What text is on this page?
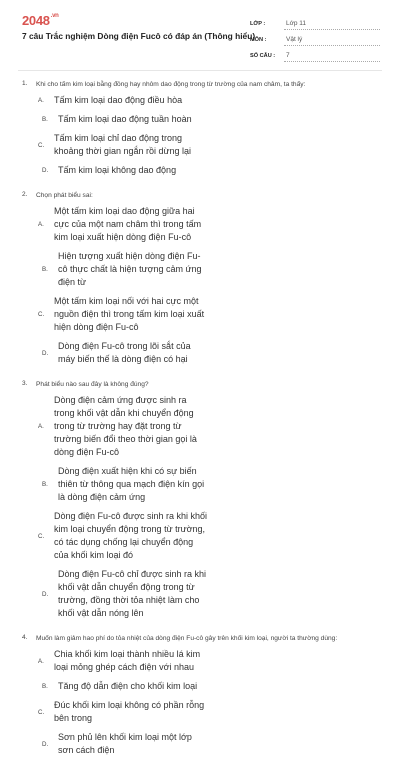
$2048^{.vn}$
7 câu Trắc nghiệm Dòng điện Fucô có đáp án (Thông hiểu)
LỚP :	Lớp 11
MÔN :	Vật lý
SỐ CÂU :	7
1. Khi cho tấm kim loại bằng đồng hay nhôm dao động trong từ trường của nam châm, ta thấy:
A.	Tấm kim loại dao động điều hòa
B.	Tấm kim loại dao động tuần hoàn
C.
Tấm kim loại chỉ dao động trong khoảng thời gian ngắn rồi dừng lại
D.	Tấm kim loại không dao động
2. Chọn phát biểu sai:
A.
Một tấm kim loại dao động giữa hai cực của một nam châm thì trong tấm kim loại xuất hiện dòng điện Fu-cô
B.
Hiện tượng xuất hiện dòng điện Fu-cô thực chất là hiện tượng cảm ứng điện từ
C.
Một tấm kim loại nối với hai cực một nguồn điện thì trong tấm kim loại xuất hiện dòng điện Fu-cô
D.
Dòng điện Fu-cô trong lõi sắt của máy biến thế là dòng điện có hại
3. Phát biểu nào sau đây là không đúng?
A.
Dòng điện cảm ứng được sinh ra trong khối vật dẫn khi chuyển động trong từ trường hay đặt trong từ trường biến đổi theo thời gian gọi là dòng điện Fu-cô
B.
Dòng điện xuất hiện khi có sự biến thiên từ thông qua mạch điện kín gọi là dòng điện cảm ứng
C.
Dòng điện Fu-cô được sinh ra khi khối kim loại chuyển động trong từ trường, có tác dụng chống lại chuyển động của khối kim loại đó
D.
Dòng điện Fu-cô chỉ được sinh ra khi khối vật dẫn chuyển động trong từ trường, đồng thời tỏa nhiệt làm cho khối vật dẫn nóng lên
4. Muốn làm giảm hao phí do tỏa nhiệt của dòng điện Fu-cô gây trên khối kim loại, người ta thường dùng:
A.
Chia khối kim loại thành nhiều lá kim loại mỏng ghép cách điện với nhau
B.	Tăng độ dẫn điện cho khối kim loại
C.
Đúc khối kim loại không có phần rỗng bên trong
D.
Sơn phủ lên khối kim loại một lớp sơn cách điện
